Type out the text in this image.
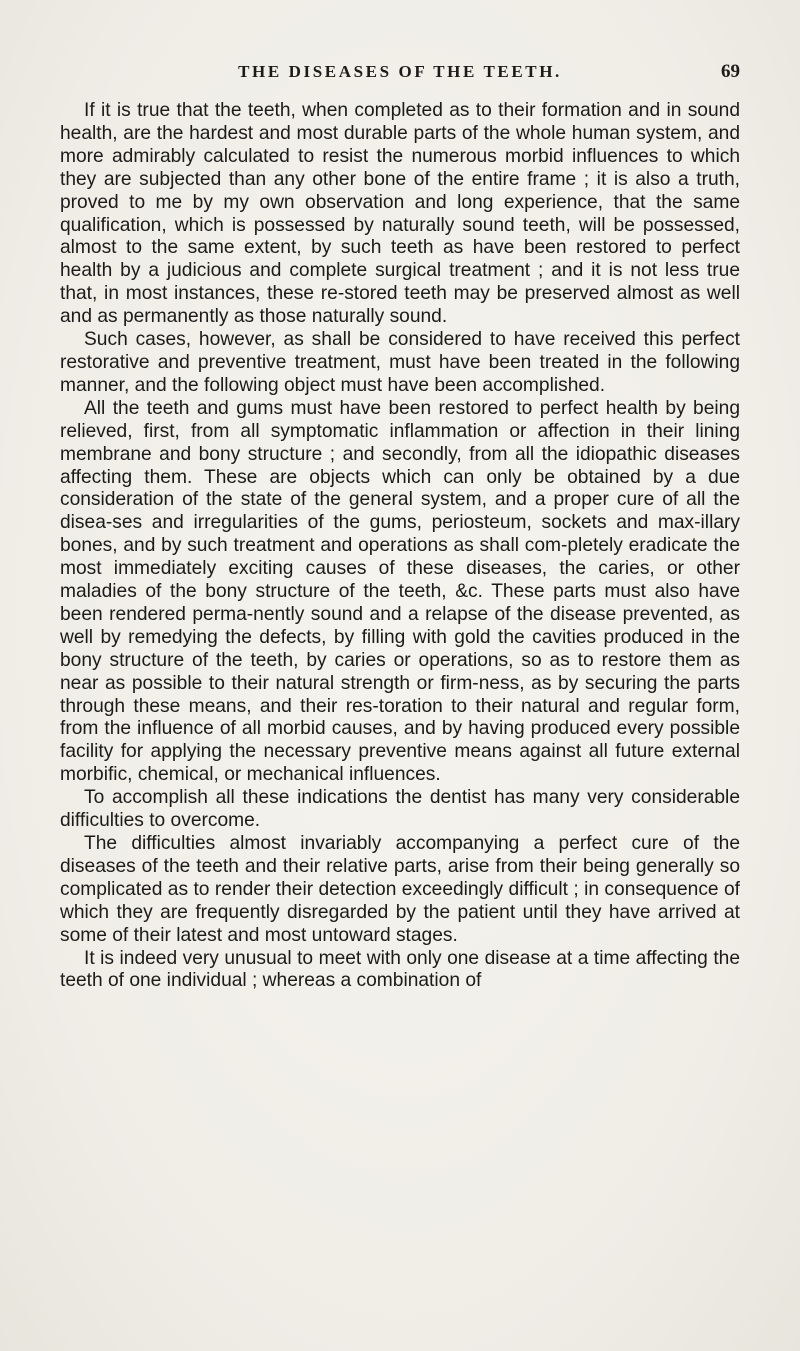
THE DISEASES OF THE TEETH.	69

If it is true that the teeth, when completed as to their formation and in sound health, are the hardest and most durable parts of the whole human system, and more admirably calculated to resist the numerous morbid influences to which they are subjected than any other bone of the entire frame ; it is also a truth, proved to me by my own observation and long experience, that the same qualification, which is possessed by naturally sound teeth, will be possessed, almost to the same extent, by such teeth as have been restored to perfect health by a judicious and complete surgical treatment ; and it is not less true that, in most instances, these re-stored teeth may be preserved almost as well and as permanently as those naturally sound.

Such cases, however, as shall be considered to have received this perfect restorative and preventive treatment, must have been treated in the following manner, and the following object must have been accomplished.

All the teeth and gums must have been restored to perfect health by being relieved, first, from all symptomatic inflammation or affection in their lining membrane and bony structure ; and secondly, from all the idiopathic diseases affecting them. These are objects which can only be obtained by a due consideration of the state of the general system, and a proper cure of all the disea-ses and irregularities of the gums, periosteum, sockets and max-illary bones, and by such treatment and operations as shall com-pletely eradicate the most immediately exciting causes of these diseases, the caries, or other maladies of the bony structure of the teeth, &c. These parts must also have been rendered perma-nently sound and a relapse of the disease prevented, as well by remedying the defects, by filling with gold the cavities produced in the bony structure of the teeth, by caries or operations, so as to restore them as near as possible to their natural strength or firm-ness, as by securing the parts through these means, and their res-toration to their natural and regular form, from the influence of all morbid causes, and by having produced every possible facility for applying the necessary preventive means against all future external morbific, chemical, or mechanical influences.

To accomplish all these indications the dentist has many very considerable difficulties to overcome.

The difficulties almost invariably accompanying a perfect cure of the diseases of the teeth and their relative parts, arise from their being generally so complicated as to render their detection exceedingly difficult ; in consequence of which they are frequently disregarded by the patient until they have arrived at some of their latest and most untoward stages.

It is indeed very unusual to meet with only one disease at a time affecting the teeth of one individual ; whereas a combination of
